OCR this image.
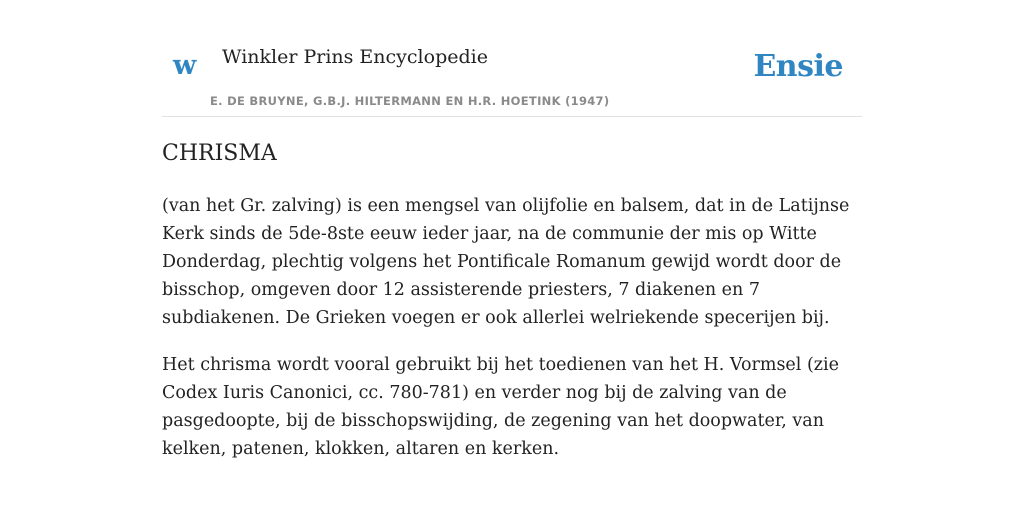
w Winkler Prins Encyclopedie	Ensie
E. DE BRUYNE, G.B.J. HILTERMANN EN H.R. HOETINK (1947)
CHRISMA

(van het Gr. zalving) is een mengsel van olijfolie en balsem, dat in de Latijnse Kerk sinds de 5de-8ste eeuw ieder jaar, na de communie der mis op Witte Donderdag, plechtig volgens het Pontificale Romanum gewijd wordt door de bisschop, omgeven door 12 assisterende priesters, 7 diakenen en 7 subdiakenen. De Grieken voegen er ook allerlei welriekende specerijen bij.

Het chrisma wordt vooral gebruikt bij het toedienen van het H. Vormsel (zie Codex Iuris Canonici, cc. 780-781) en verder nog bij de zalving van de pasgedoopte, bij de bisschopswijding, de zegening van het doopwater, van kelken, patenen, klokken, altaren en kerken.
